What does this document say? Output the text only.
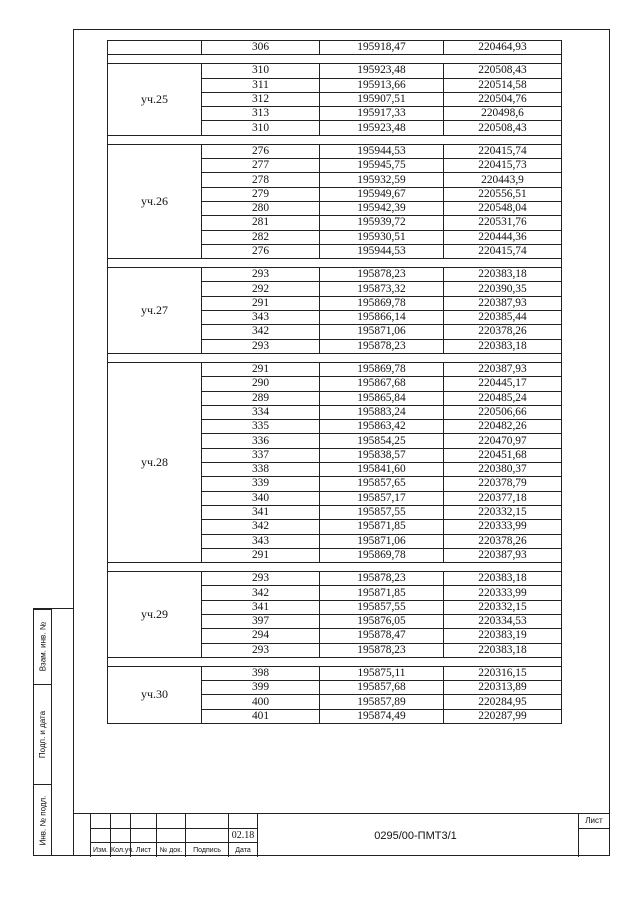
Взам. инв. №
Подп. и дата
Инв. № подл.
	306	195918,47	220464,93

уч.25	310	195923,48	220508,43
	311	195913,66	220514,58
	312	195907,51	220504,76
	313	195917,33	220498,6
	310	195923,48	220508,43

уч.26	276	195944,53	220415,74
	277	195945,75	220415,73
	278	195932,59	220443,9
	279	195949,67	220556,51
	280	195942,39	220548,04
	281	195939,72	220531,76
	282	195930,51	220444,36
	276	195944,53	220415,74

уч.27	293	195878,23	220383,18
	292	195873,32	220390,35
	291	195869,78	220387,93
	343	195866,14	220385,44
	342	195871,06	220378,26
	293	195878,23	220383,18

уч.28	291	195869,78	220387,93
	290	195867,68	220445,17
	289	195865,84	220485,24
	334	195883,24	220506,66
	335	195863,42	220482,26
	336	195854,25	220470,97
	337	195838,57	220451,68
	338	195841,60	220380,37
	339	195857,65	220378,79
	340	195857,17	220377,18
	341	195857,55	220332,15
	342	195871,85	220333,99
	343	195871,06	220378,26
	291	195869,78	220387,93

уч.29	293	195878,23	220383,18
	342	195871,85	220333,99
	341	195857,55	220332,15
	397	195876,05	220334,53
	294	195878,47	220383,19
	293	195878,23	220383,18

уч.30	398	195875,11	220316,15
	399	195857,68	220313,89
	400	195857,89	220284,95
	401	195874,49	220287,99
02.18
Изм. Кол.уч. Лист	№ док.	Подпись	Дата
0295/00-ПМТ3/1
Лист
